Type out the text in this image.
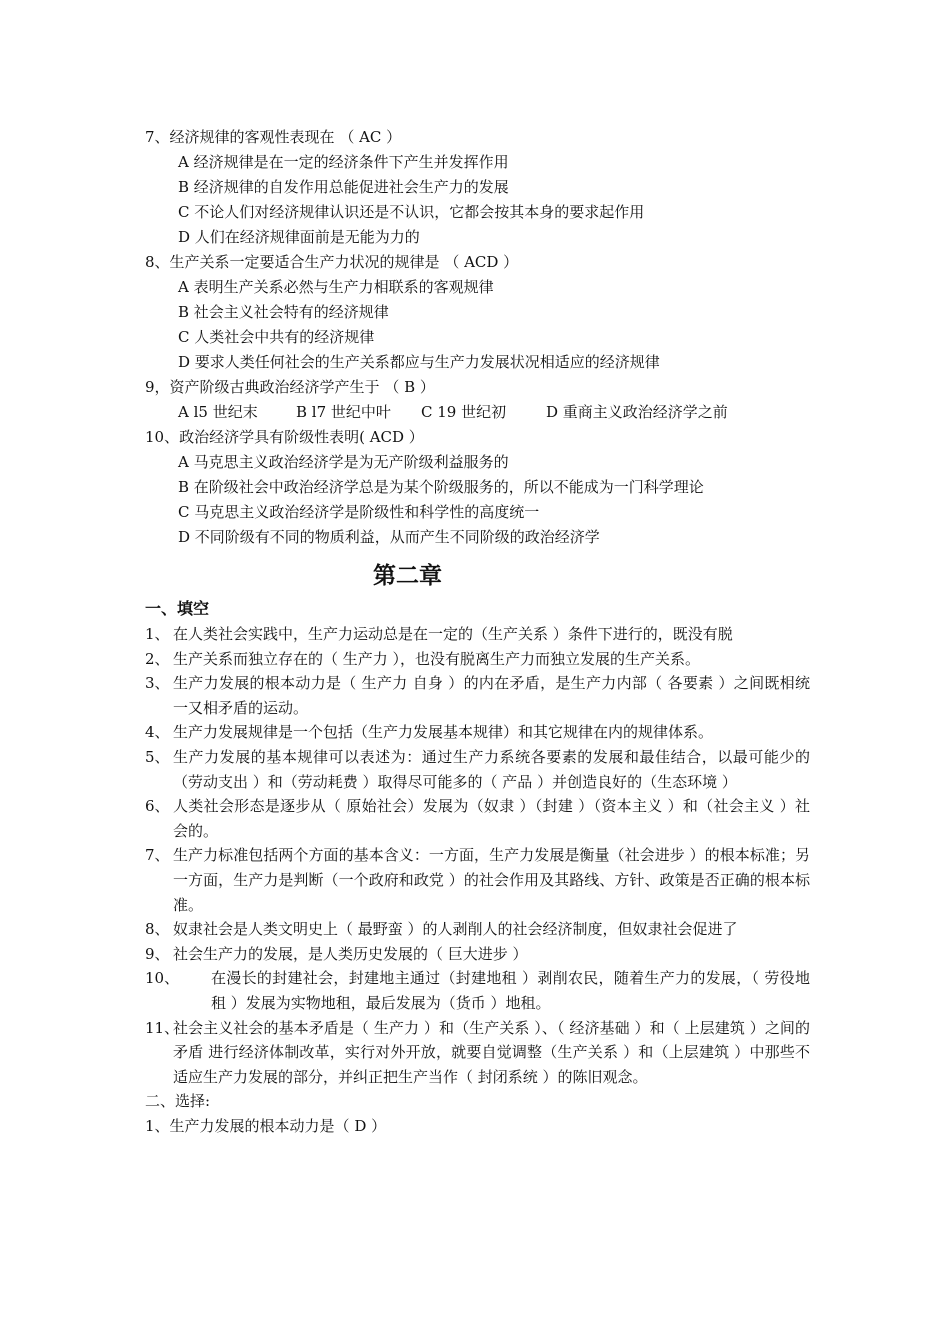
7、经济规律的客观性表现在 （ AC ）
A 经济规律是在一定的经济条件下产生并发挥作用
B 经济规律的自发作用总能促进社会生产力的发展
C 不论人们对经济规律认识还是不认识，它都会按其本身的要求起作用
D 人们在经济规律面前是无能为力的
8、生产关系一定要适合生产力状况的规律是 （ ACD ）
A 表明生产关系必然与生产力相联系的客观规律
B 社会主义社会特有的经济规律
C 人类社会中共有的经济规律
D 要求人类任何社会的生产关系都应与生产力发展状况相适应的经济规律
9，资产阶级古典政治经济学产生于 （ B ）
A l5 世纪末	B l7 世纪中叶 C 19 世纪初	D 重商主义政治经济学之前
10、政治经济学具有阶级性表明( ACD ）
A 马克思主义政治经济学是为无产阶级利益服务的
B 在阶级社会中政治经济学总是为某个阶级服务的，所以不能成为一门科学理论
C 马克思主义政治经济学是阶级性和科学性的高度统一
D 不同阶级有不同的物质利益，从而产生不同阶级的政治经济学
第二章
一、填空
1、 在人类社会实践中，生产力运动总是在一定的（生产关系 ）条件下进行的，既没有脱
2、 生产关系而独立存在的（ 生产力 ），也没有脱离生产力而独立发展的生产关系。
3、 生产力发展的根本动力是（ 生产力 自身 ）的内在矛盾，是生产力内部（ 各要素 ）之间既相统一又相矛盾的运动。
4、 生产力发展规律是一个包括（生产力发展基本规律）和其它规律在内的规律体系。
5、 生产力发展的基本规律可以表述为：通过生产力系统各要素的发展和最佳结合，以最可能少的（劳动支出 ）和（劳动耗费 ）取得尽可能多的（ 产品 ）并创造良好的（生态环境 ）
6、 人类社会形态是逐步从（ 原始社会）发展为（奴隶 ）（封建 ）（资本主义 ）和（社会主义 ）社会的。
7、 生产力标准包括两个方面的基本含义：一方面，生产力发展是衡量（社会进步 ）的根本标准；另一方面，生产力是判断（一个政府和政党 ）的社会作用及其路线、方针、政策是否正确的根本标准。
8、 奴隶社会是人类文明史上（ 最野蛮 ）的人剥削人的社会经济制度，但奴隶社会促进了
9、 社会生产力的发展，是人类历史发展的（ 巨大进步 ）
10、	在漫长的封建社会，封建地主通过（封建地租 ）剥削农民，随着生产力的发展，（ 劳役地租 ）发展为实物地租，最后发展为（货币 ）地租。
11、
社会主义社会的基本矛盾是（ 生产力 ）和（生产关系 ）、（ 经济基础 ）和（ 上层建筑 ）之间的矛盾 进行经济体制改革，实行对外开放，就要自觉调整（生产关系 ）和（上层建筑 ）中那些不适应生产力发展的部分，并纠正把生产当作（ 封闭系统 ）的陈旧观念。
二、选择:
1、生产力发展的根本动力是（ D ）
